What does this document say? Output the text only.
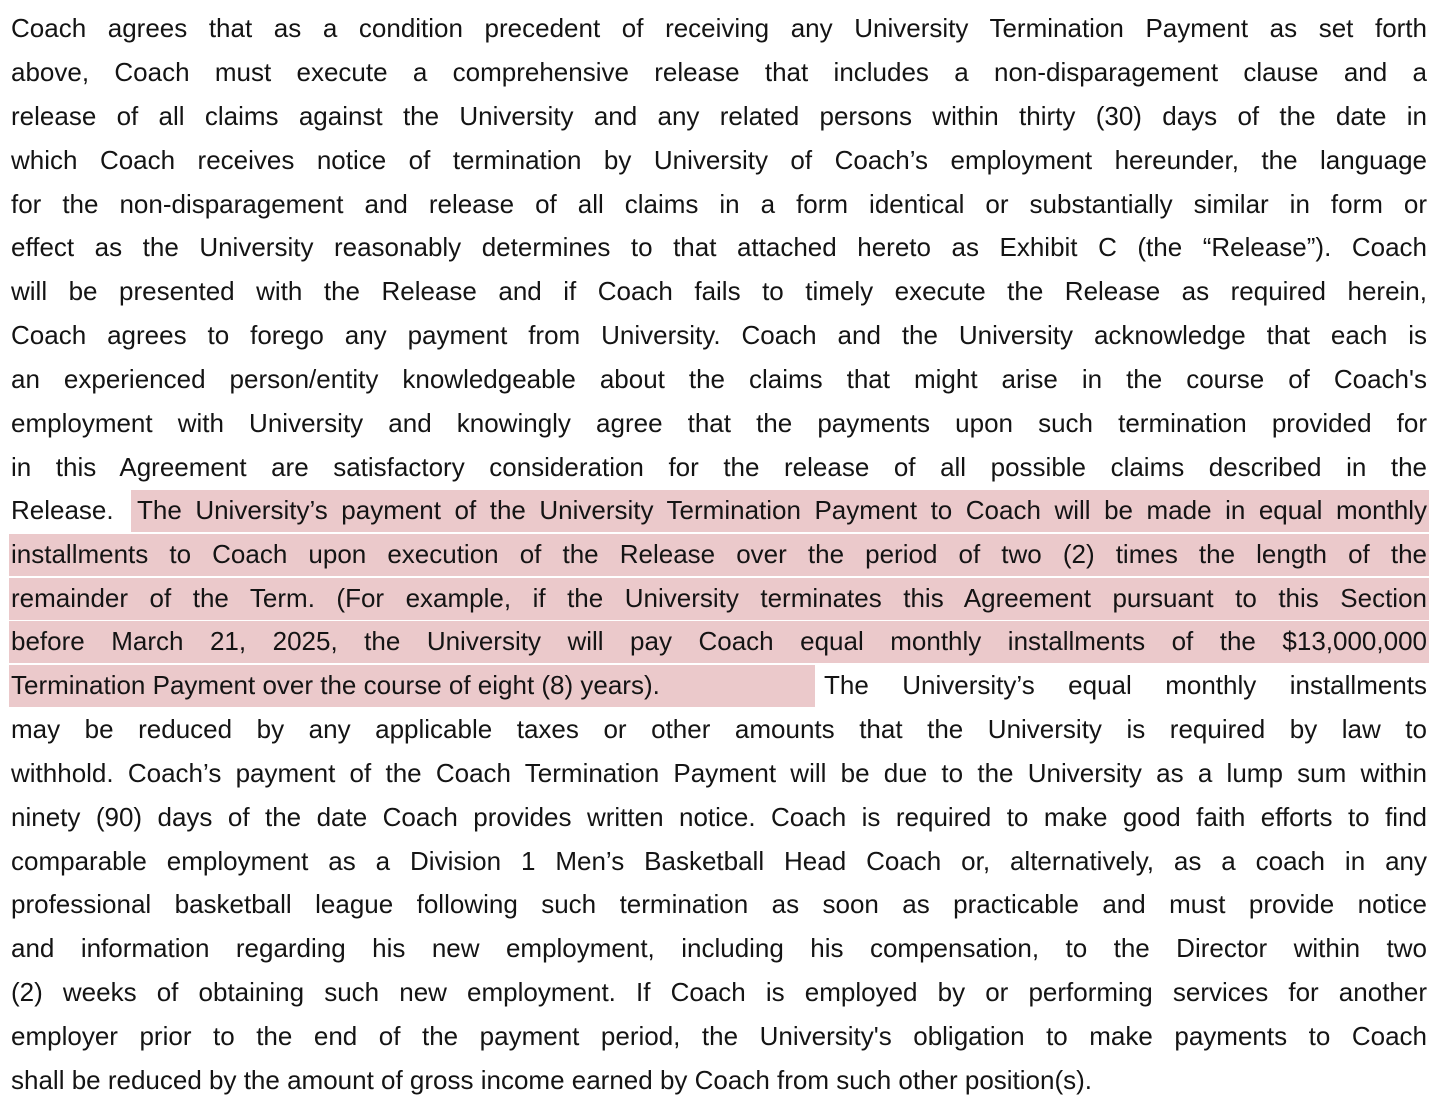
Coach agrees that as a condition precedent of receiving any University Termination Payment as set forth
above, Coach must execute a comprehensive release that includes a non-disparagement clause and a
release of all claims against the University and any related persons within thirty (30) days of the date in
which Coach receives notice of termination by University of Coach’s employment hereunder, the language
for the non-disparagement and release of all claims in a form identical or substantially similar in form or
effect as the University reasonably determines to that attached hereto as Exhibit C (the “Release”). Coach
will be presented with the Release and if Coach fails to timely execute the Release as required herein,
Coach agrees to forego any payment from University. Coach and the University acknowledge that each is
an experienced person/entity knowledgeable about the claims that might arise in the course of Coach's
employment with University and knowingly agree that the payments upon such termination provided for
in this Agreement are satisfactory consideration for the release of all possible claims described in the
Release. The University’s payment of the University Termination Payment to Coach will be made in equal monthly
installments to Coach upon execution of the Release over the period of two (2) times the length of the
remainder of the Term. (For example, if the University terminates this Agreement pursuant to this Section
before March 21, 2025, the University will pay Coach equal monthly installments of the $13,000,000
Termination Payment over the course of eight (8) years).	The University’s equal monthly installments
may be reduced by any applicable taxes or other amounts that the University is required by law to
withhold. Coach’s payment of the Coach Termination Payment will be due to the University as a lump sum within
ninety (90) days of the date Coach provides written notice. Coach is required to make good faith efforts to find
comparable employment as a Division 1 Men’s Basketball Head Coach or, alternatively, as a coach in any
professional basketball league following such termination as soon as practicable and must provide notice
and information regarding his new employment, including his compensation, to the Director within two
(2) weeks of obtaining such new employment. If Coach is employed by or performing services for another
employer prior to the end of the payment period, the University's obligation to make payments to Coach
shall be reduced by the amount of gross income earned by Coach from such other position(s).
